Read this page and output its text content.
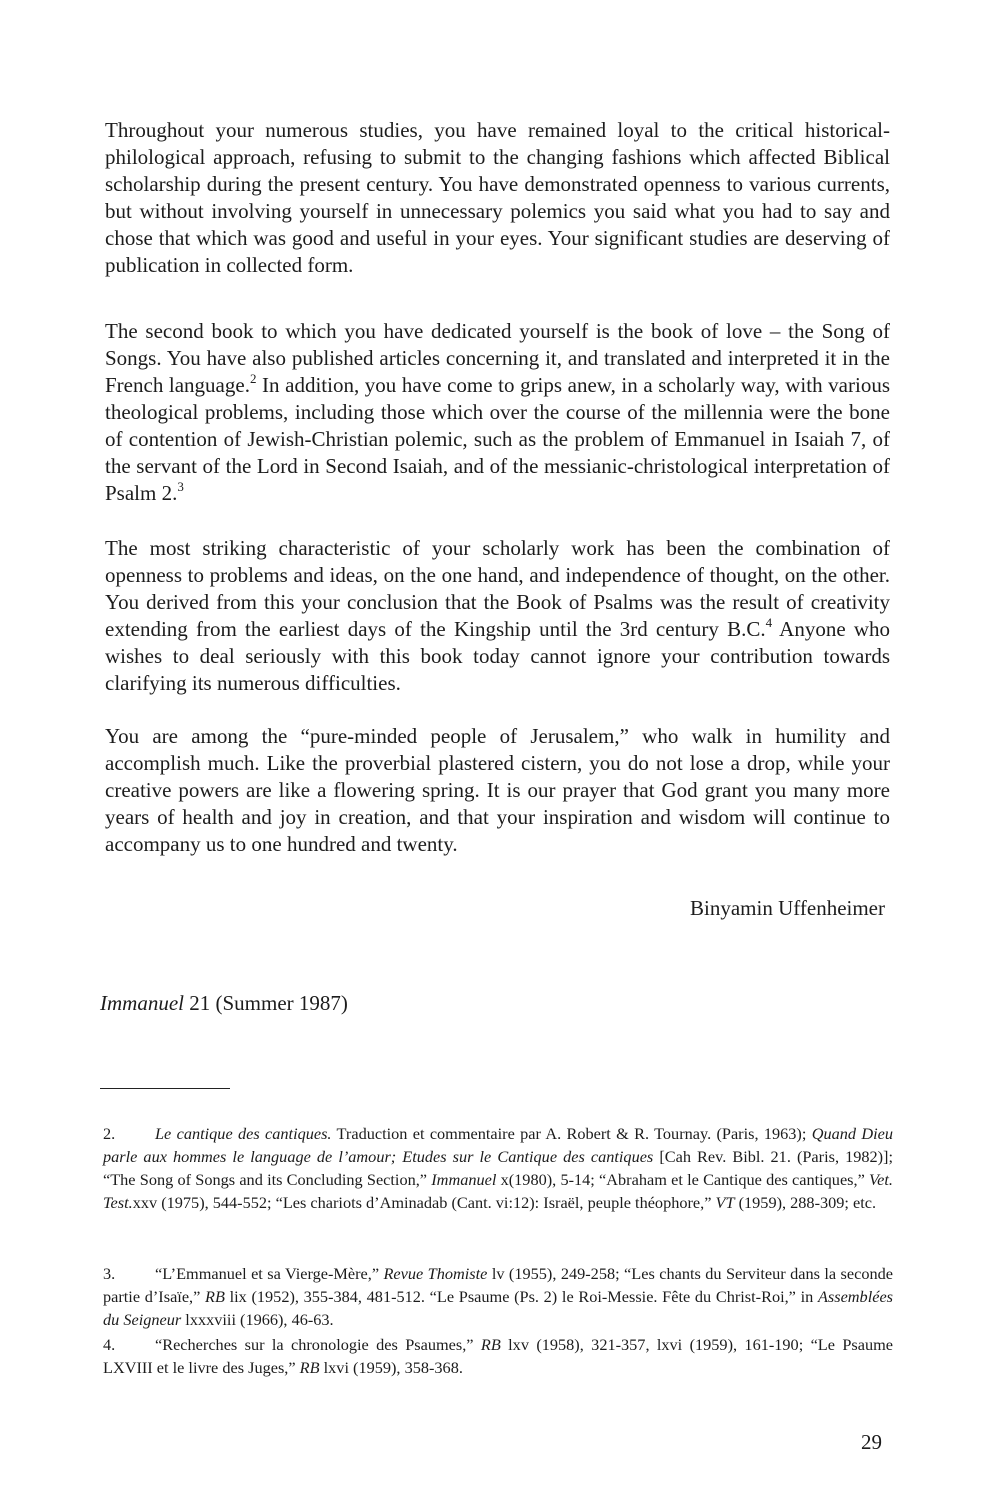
Throughout your numerous studies, you have remained loyal to the critical historical-philological approach, refusing to submit to the changing fashions which affected Biblical scholarship during the present century. You have demonstrated openness to various currents, but without involving yourself in unnecessary polemics you said what you had to say and chose that which was good and useful in your eyes. Your significant studies are deserving of publication in collected form.

The second book to which you have dedicated yourself is the book of love – the Song of Songs. You have also published articles concerning it, and translated and interpreted it in the French language.$^2$ In addition, you have come to grips anew, in a scholarly way, with various theological problems, including those which over the course of the millennia were the bone of contention of Jewish-Christian polemic, such as the problem of Emmanuel in Isaiah 7, of the servant of the Lord in Second Isaiah, and of the messianic-christological interpretation of Psalm 2.$^3$

The most striking characteristic of your scholarly work has been the combination of openness to problems and ideas, on the one hand, and independence of thought, on the other. You derived from this your conclusion that the Book of Psalms was the result of creativity extending from the earliest days of the Kingship until the 3rd century B.C.$^4$ Anyone who wishes to deal seriously with this book today cannot ignore your contribution towards clarifying its numerous difficulties.

You are among the “pure-minded people of Jerusalem,” who walk in humility and accomplish much. Like the proverbial plastered cistern, you do not lose a drop, while your creative powers are like a flowering spring. It is our prayer that God grant you many more years of health and joy in creation, and that your inspiration and wisdom will continue to accompany us to one hundred and twenty.

Binyamin Uffenheimer

Immanuel 21 (Summer 1987)

2. Le cantique des cantiques. Traduction et commentaire par A. Robert & R. Tournay. (Paris, 1963); Quand Dieu parle aux hommes le language de l’amour; Etudes sur le Cantique des cantiques [Cah Rev. Bibl. 21. (Paris, 1982)]; “The Song of Songs and its Concluding Section,” Immanuel x(1980), 5-14; “Abraham et le Cantique des cantiques,” Vet. Test.xxv (1975), 544-552; “Les chariots d’Aminadab (Cant. vi:12): Israël, peuple théophore,” VT (1959), 288-309; etc.

3. “L’Emmanuel et sa Vierge-Mère,” Revue Thomiste lv (1955), 249-258; “Les chants du Serviteur dans la seconde partie d’Isaïe,” RB lix (1952), 355-384, 481-512. “Le Psaume (Ps. 2) le Roi-Messie. Fête du Christ-Roi,” in Assemblées du Seigneur lxxxviii (1966), 46-63.

4. “Recherches sur la chronologie des Psaumes,” RB lxv (1958), 321-357, lxvi (1959), 161-190; “Le Psaume LXVIII et le livre des Juges,” RB lxvi (1959), 358-368.

29
